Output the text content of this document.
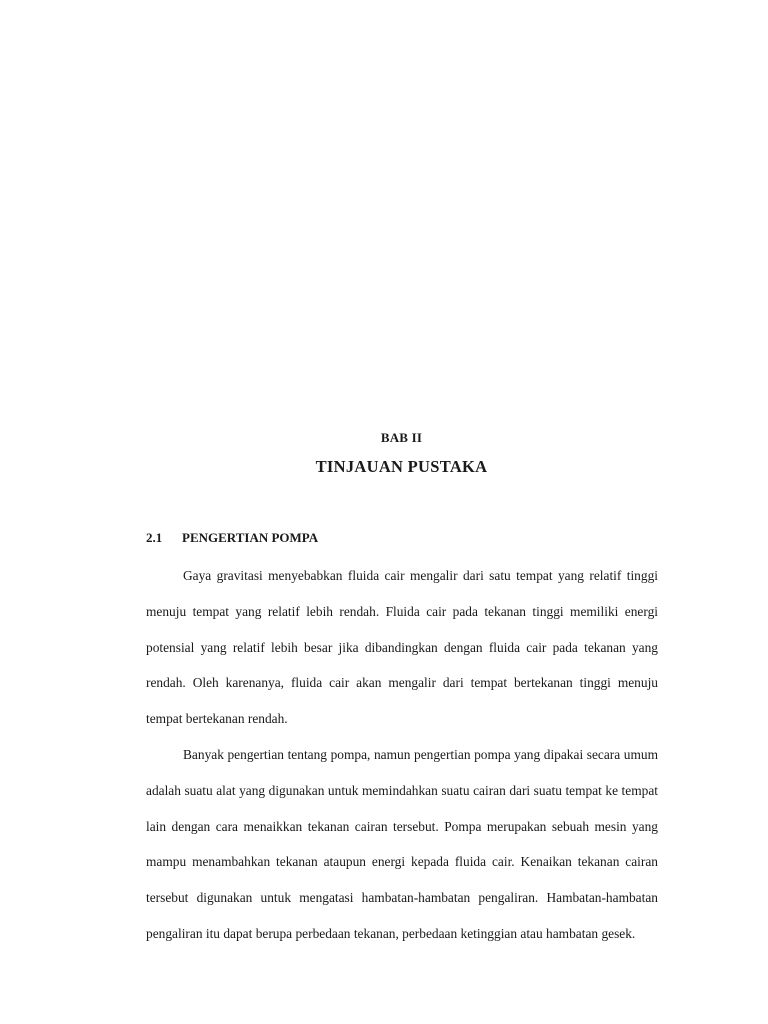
BAB II
TINJAUAN PUSTAKA
2.1 PENGERTIAN POMPA

Gaya gravitasi menyebabkan fluida cair mengalir dari satu tempat yang relatif tinggi menuju tempat yang relatif lebih rendah. Fluida cair pada tekanan tinggi memiliki energi potensial yang relatif lebih besar jika dibandingkan dengan fluida cair pada tekanan yang rendah. Oleh karenanya, fluida cair akan mengalir dari tempat bertekanan tinggi menuju tempat bertekanan rendah.

Banyak pengertian tentang pompa, namun pengertian pompa yang dipakai secara umum adalah suatu alat yang digunakan untuk memindahkan suatu cairan dari suatu tempat ke tempat lain dengan cara menaikkan tekanan cairan tersebut. Pompa merupakan sebuah mesin yang mampu menambahkan tekanan ataupun energi kepada fluida cair. Kenaikan tekanan cairan tersebut digunakan untuk mengatasi hambatan-hambatan pengaliran. Hambatan-hambatan pengaliran itu dapat berupa perbedaan tekanan, perbedaan ketinggian atau hambatan gesek.
